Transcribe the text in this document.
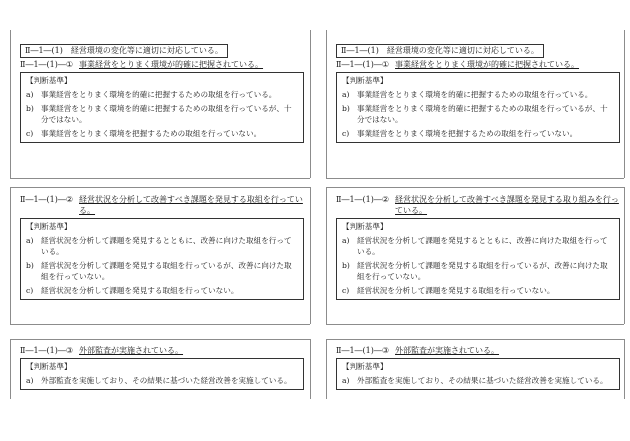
Ⅱ―1―(1)　経営環境の変化等に適切に対応している。
Ⅱ―1―(1)―① 事業経営をとりまく環境が的確に把握されている。
【判断基準】
a) 事業経営をとりまく環境を的確に把握するための取組を行っている。
b) 事業経営をとりまく環境を的確に把握するための取組を行っているが、十分ではない。
c)	事業経営をとりまく環境を把握するための取組を行っていない。
Ⅱ―1―(1)　経営環境の変化等に適切に対応している。
Ⅱ―1―(1)―① 事業経営をとりまく環境が的確に把握されている。
【判断基準】
a) 事業経営をとりまく環境を的確に把握するための取組を行っている。
b) 事業経営をとりまく環境を的確に把握するための取組を行っているが、十分ではない。
c)	事業経営をとりまく環境を把握するための取組を行っていない。
Ⅱ―1―(1)―② 経営状況を分析して改善すべき課題を発見する取組を行っている。
【判断基準】
a) 経営状況を分析して課題を発見するとともに、改善に向けた取組を行っている。
b) 経営状況を分析して課題を発見する取組を行っているが、改善に向けた取組を行っていない。
c)	経営状況を分析して課題を発見する取組を行っていない。
Ⅱ―1―(1)―② 経営状況を分析して改善すべき課題を発見する取り組みを行っている。
【判断基準】
a) 経営状況を分析して課題を発見するとともに、改善に向けた取組を行っている。
b) 経営状況を分析して課題を発見する取組を行っているが、改善に向けた取組を行っていない。
c)	経営状況を分析して課題を発見する取組を行っていない。
Ⅱ―1―(1)―③ 外部監査が実施されている。
【判断基準】
a) 外部監査を実施しており、その結果に基づいた経営改善を実施している。
Ⅱ―1―(1)―③ 外部監査が実施されている。
【判断基準】
a) 外部監査を実施しており、その結果に基づいた経営改善を実施している。
